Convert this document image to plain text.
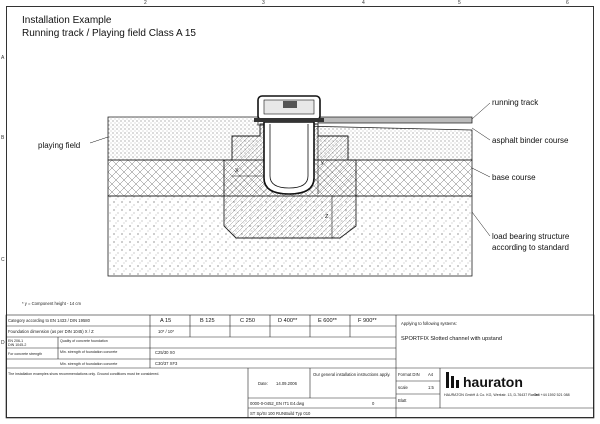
2	3	4	5	6
A
B
C
D
Installation Example
Running track / Playing field Class A 15
X
y
Z
running track
asphalt binder course
base course
load bearing structure
according to standard
playing field
* y = Component height - 14 cm
Category according to EN 1433 / DIN 19580	A 15	B 125	C 250	D 400**	E 600**	F 900**
Foundation dimension (as per DIN 1045) X / Z	10* / 10*
EN 206-1
DIN 1045-2
Quality of concrete foundation
For concrete strength	Min. strength of foundation concrete	C25/30 X0
Min. strength of foundation concrete	C30/37 XF3
The installation examples show recommendations only. Ground conditions must be considered.
Applying to following systems:
SPORTFIX Slotted channel with upstand
Our general installation instructions apply.
Date: 14.09.2006
0000-0-0452_EN IT1 E4.dwg	0
ST Sp/SI 100 RUNBuild Typ 010
Format DIN A4
scale	1:5
Blatt
hauraton
HAURATON GmbH & Co. KG, Werkstr. 13, D-76437 Rastatt
Tel. +44 1592 521 088
